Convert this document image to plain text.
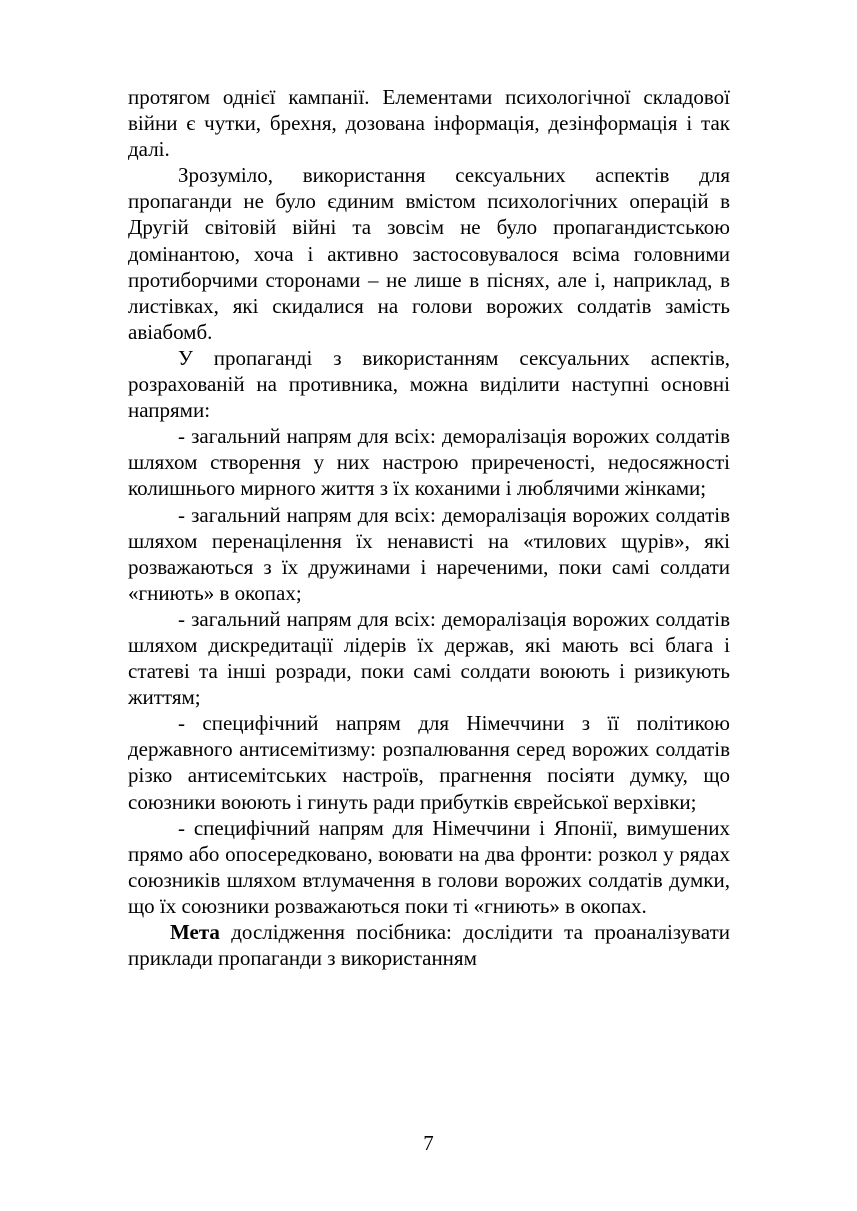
протягом однієї кампанії. Елементами психологічної складової війни є чутки, брехня, дозована інформація, дезінформація і так далі.

Зрозуміло, використання сексуальних аспектів для пропаганди не було єдиним вмістом психологічних операцій в Другій світовій війні та зовсім не було пропагандистською домінантою, хоча і активно застосовувалося всіма головними протиборчими сторонами – не лише в піснях, але і, наприклад, в листівках, які скидалися на голови ворожих солдатів замість авіабомб.

У пропаганді з використанням сексуальних аспектів, розрахованій на противника, можна виділити наступні основні напрями:

- загальний напрям для всіх: деморалізація ворожих солдатів шляхом створення у них настрою приреченості, недосяжності колишнього мирного життя з їх коханими і люблячими жінками;

- загальний напрям для всіх: деморалізація ворожих солдатів шляхом перенацілення їх ненависті на «тилових щурів», які розважаються з їх дружинами і нареченими, поки самі солдати «гниють» в окопах;

- загальний напрям для всіх: деморалізація ворожих солдатів шляхом дискредитації лідерів їх держав, які мають всі блага і статеві та інші розради, поки самі солдати воюють і ризикують життям;

- специфічний напрям для Німеччини з її політикою державного антисемітизму: розпалювання серед ворожих солдатів різко антисемітських настроїв, прагнення посіяти думку, що союзники воюють і гинуть ради прибутків єврейської верхівки;

- специфічний напрям для Німеччини і Японії, вимушених прямо або опосередковано, воювати на два фронти: розкол у рядах союзників шляхом втлумачення в голови ворожих солдатів думки, що їх союзники розважаються поки ті «гниють» в окопах.

Мета дослідження посібника: дослідити та проаналізувати приклади пропаганди з використанням

7
